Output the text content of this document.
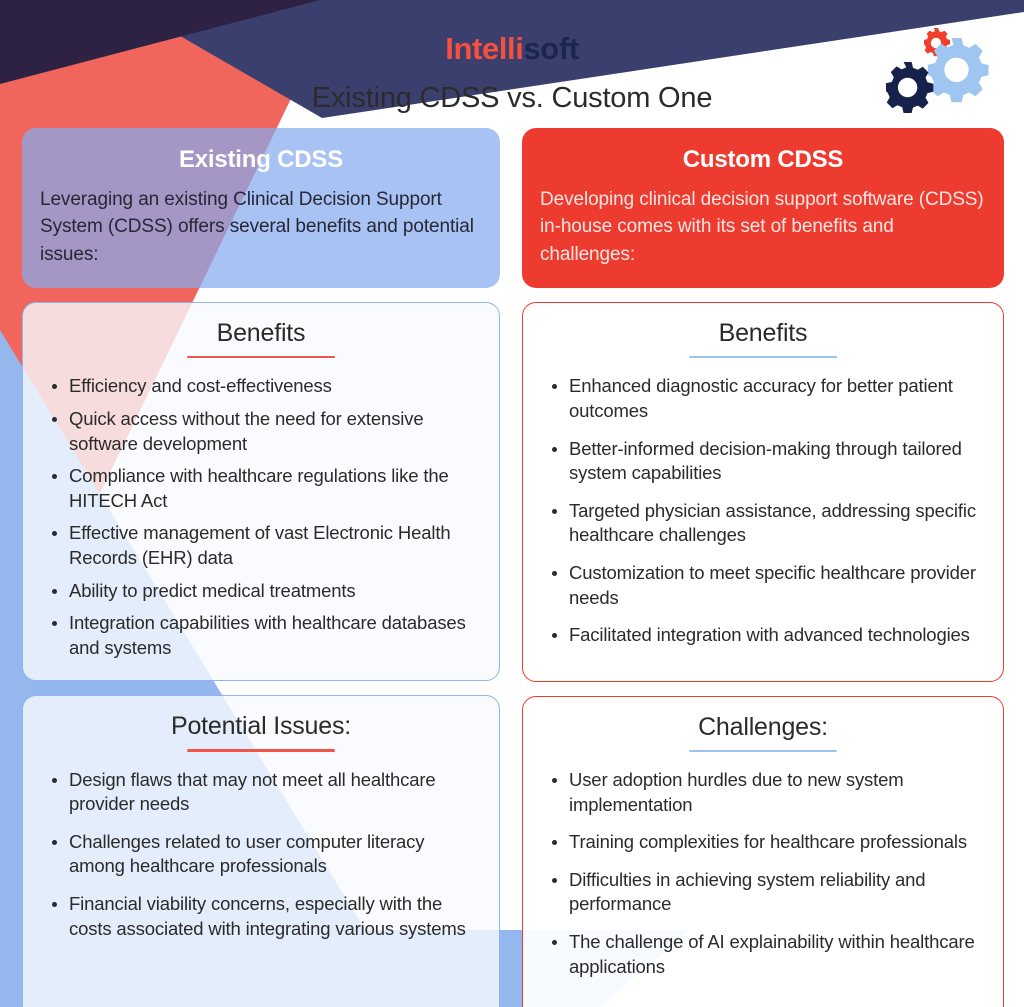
Intellisoft
Existing CDSS vs. Custom One
Existing CDSS
Leveraging an existing Clinical Decision Support System (CDSS) offers several benefits and potential issues:
Benefits
Efficiency and cost-effectiveness
Quick access without the need for extensive software development
Compliance with healthcare regulations like the HITECH Act
Effective management of vast Electronic Health Records (EHR) data
Ability to predict medical treatments
Integration capabilities with healthcare databases and systems
Potential Issues:
Design flaws that may not meet all healthcare provider needs
Challenges related to user computer literacy among healthcare professionals
Financial viability concerns, especially with the costs associated with integrating various systems
Custom CDSS
Developing clinical decision support software (CDSS) in-house comes with its set of benefits and challenges:
Benefits
Enhanced diagnostic accuracy for better patient outcomes
Better-informed decision-making through tailored system capabilities
Targeted physician assistance, addressing specific healthcare challenges
Customization to meet specific healthcare provider needs
Facilitated integration with advanced technologies
Challenges:
User adoption hurdles due to new system implementation
Training complexities for healthcare professionals
Difficulties in achieving system reliability and performance
The challenge of AI explainability within healthcare applications
